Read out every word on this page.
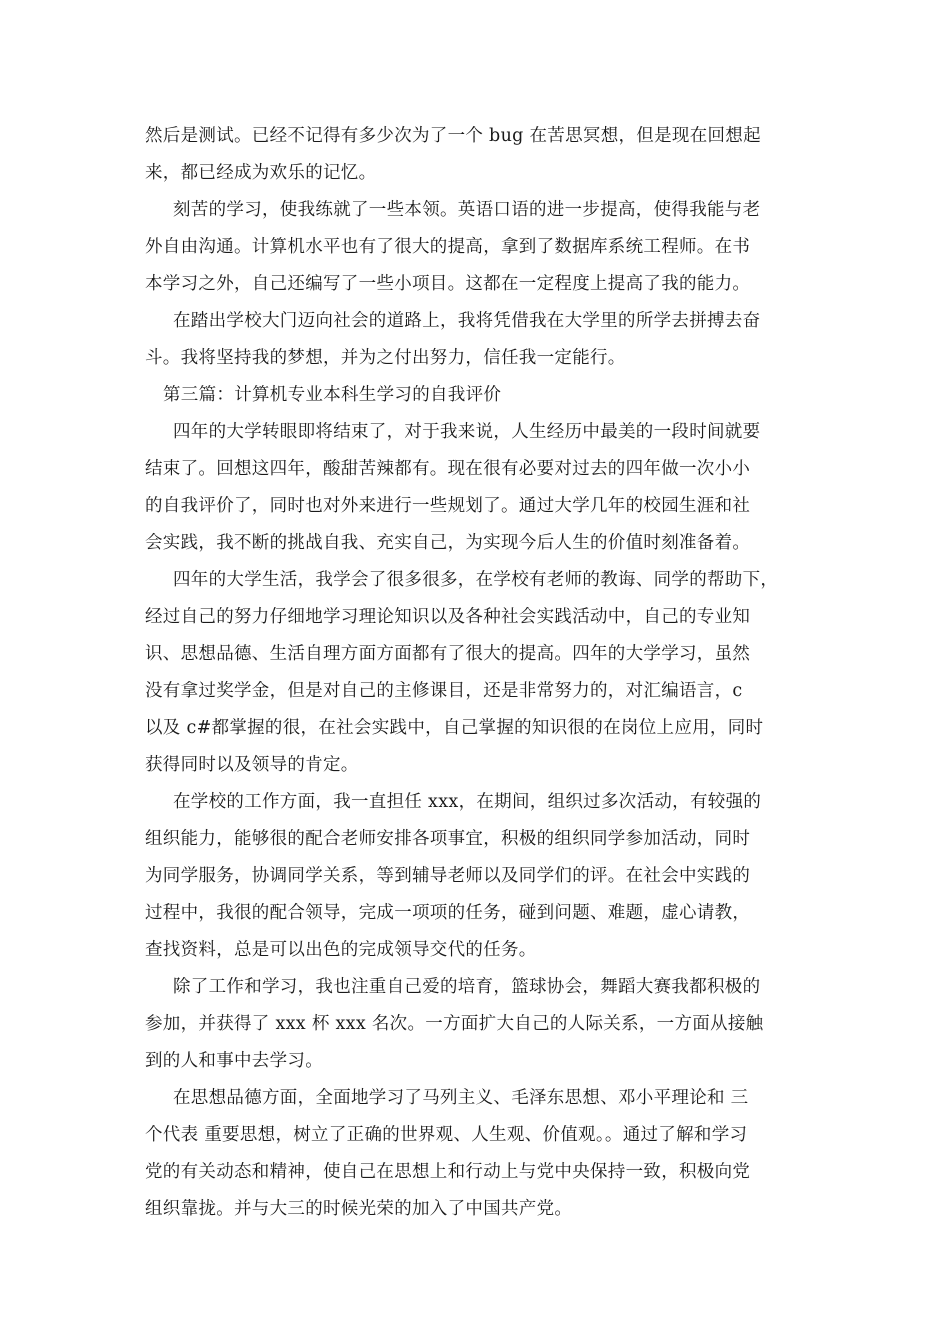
然后是测试。已经不记得有多少次为了一个 bug 在苦思冥想，但是现在回想起
来，都已经成为欢乐的记忆。
刻苦的学习，使我练就了一些本领。英语口语的进一步提高，使得我能与老
外自由沟通。计算机水平也有了很大的提高，拿到了数据库系统工程师。在书
本学习之外，自己还编写了一些小项目。这都在一定程度上提高了我的能力。
在踏出学校大门迈向社会的道路上，我将凭借我在大学里的所学去拼搏去奋
斗。我将坚持我的梦想，并为之付出努力，信任我一定能行。
第三篇：计算机专业本科生学习的自我评价
四年的大学转眼即将结束了，对于我来说，人生经历中最美的一段时间就要
结束了。回想这四年，酸甜苦辣都有。现在很有必要对过去的四年做一次小小
的自我评价了，同时也对外来进行一些规划了。通过大学几年的校园生涯和社
会实践，我不断的挑战自我、充实自己，为实现今后人生的价值时刻准备着。
四年的大学生活，我学会了很多很多，在学校有老师的教诲、同学的帮助下，
经过自己的努力仔细地学习理论知识以及各种社会实践活动中，自己的专业知
识、思想品德、生活自理方面方面都有了很大的提高。四年的大学学习，虽然
没有拿过奖学金，但是对自己的主修课目，还是非常努力的，对汇编语言，c
以及 c#都掌握的很，在社会实践中，自己掌握的知识很的在岗位上应用，同时
获得同时以及领导的肯定。
在学校的工作方面，我一直担任 xxx，在期间，组织过多次活动，有较强的
组织能力，能够很的配合老师安排各项事宜，积极的组织同学参加活动，同时
为同学服务，协调同学关系，等到辅导老师以及同学们的评。在社会中实践的
过程中，我很的配合领导，完成一项项的任务，碰到问题、难题，虚心请教，
查找资料，总是可以出色的完成领导交代的任务。
除了工作和学习，我也注重自己爱的培育，篮球协会，舞蹈大赛我都积极的
参加，并获得了 xxx 杯 xxx 名次。一方面扩大自己的人际关系，一方面从接触
到的人和事中去学习。
在思想品德方面，全面地学习了马列主义、毛泽东思想、邓小平理论和 三
个代表 重要思想，树立了正确的世界观、人生观、价值观。。通过了解和学习
党的有关动态和精神，使自己在思想上和行动上与党中央保持一致，积极向党
组织靠拢。并与大三的时候光荣的加入了中国共产党。
